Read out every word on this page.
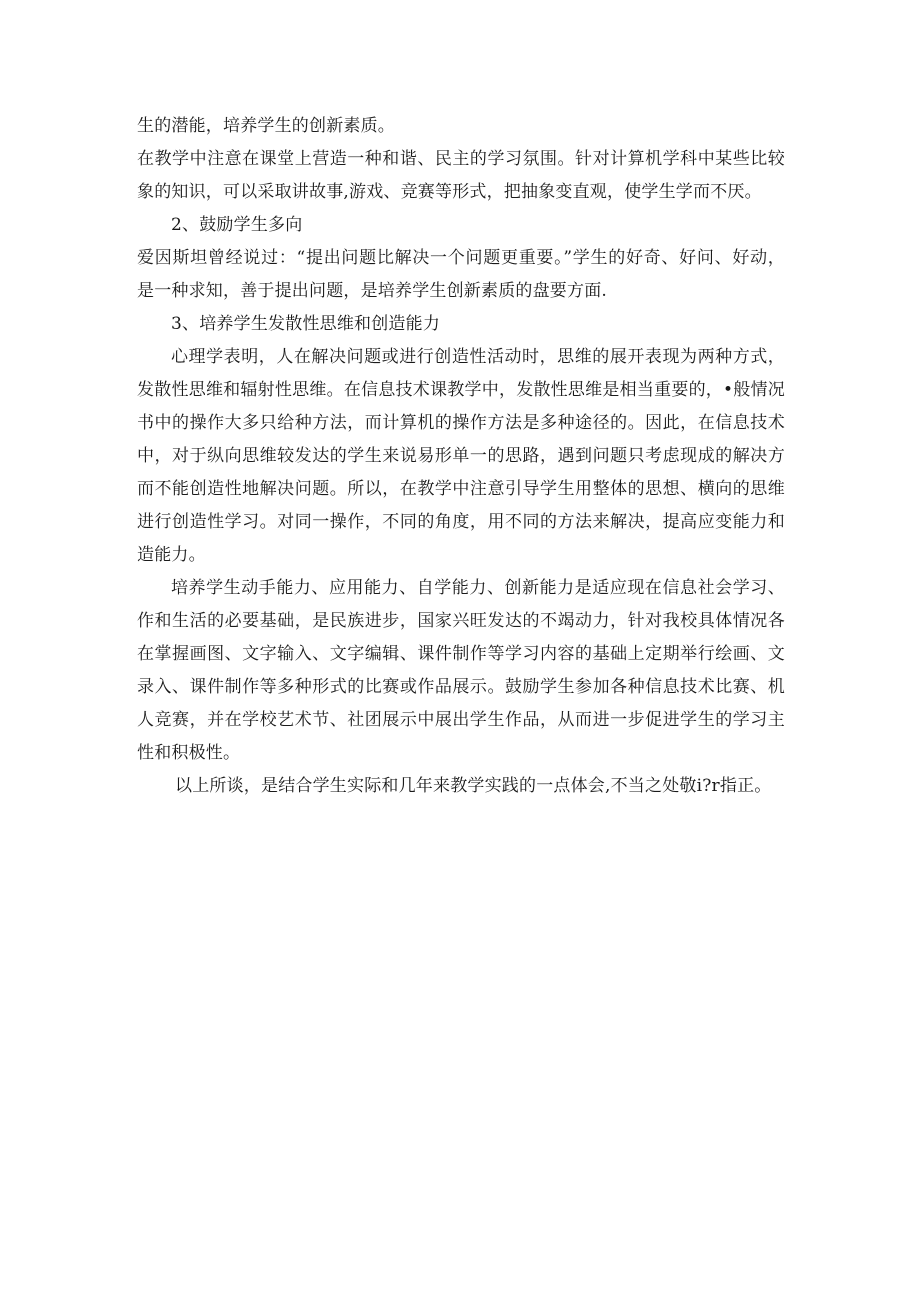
生的潜能，培养学生的创新素质。
在教学中注意在课堂上营造一种和谐、民主的学习氛围。针对计算机学科中某些比较
象的知识，可以采取讲故事,游戏、竞赛等形式，把抽象变直观，使学生学而不厌。
2、鼓励学生多向
爱因斯坦曾经说过：“提出问题比解决一个问题更重要。”学生的好奇、好问、好动，
是一种求知，善于提出问题，是培养学生创新素质的盘要方面.
3、培养学生发散性思维和创造能力
心理学表明，人在解决问题或进行创造性活动时，思维的展开表现为两种方式，
发散性思维和辐射性思维。在信息技术课教学中，发散性思维是相当重要的，•般情况
书中的操作大多只给种方法，而计算机的操作方法是多种途径的。因此，在信息技术
中，对于纵向思维较发达的学生来说易形单一的思路，遇到问题只考虑现成的解决方
而不能创造性地解决问题。所以，在教学中注意引导学生用整体的思想、横向的思维
进行创造性学习。对同一操作，不同的角度，用不同的方法来解决，提高应变能力和
造能力。
培养学生动手能力、应用能力、自学能力、创新能力是适应现在信息社会学习、
作和生活的必要基础，是民族进步，国家兴旺发达的不竭动力，针对我校具体情况各
在掌握画图、文字输入、文字编辑、课件制作等学习内容的基础上定期举行绘画、文
录入、课件制作等多种形式的比赛或作品展示。鼓励学生参加各种信息技术比赛、机
人竞赛，并在学校艺术节、社团展示中展出学生作品，从而进一步促进学生的学习主
性和积极性。
以上所谈，是结合学生实际和几年来教学实践的一点体会,不当之处敬i?r指正。
